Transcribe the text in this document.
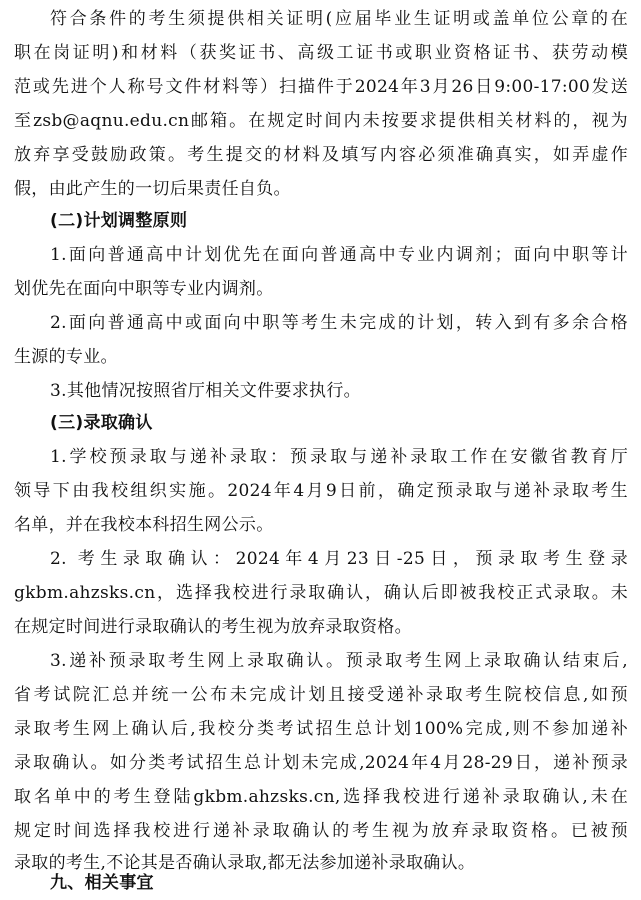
符合条件的考生须提供相关证明(应届毕业生证明或盖单位公章的在
职在岗证明)和材料（获奖证书、高级工证书或职业资格证书、获劳动模
范或先进个人称号文件材料等）扫描件于2024年3月26日9:00-17:00发送
至zsb@aqnu.edu.cn邮箱。在规定时间内未按要求提供相关材料的，视为
放弃享受鼓励政策。考生提交的材料及填写内容必须准确真实，如弄虚作
假，由此产生的一切后果责任自负。
(二)计划调整原则
1.面向普通高中计划优先在面向普通高中专业内调剂；面向中职等计
划优先在面向中职等专业内调剂。
2.面向普通高中或面向中职等考生未完成的计划，转入到有多余合格
生源的专业。
3.其他情况按照省厅相关文件要求执行。
(三)录取确认
1.学校预录取与递补录取：预录取与递补录取工作在安徽省教育厅
领导下由我校组织实施。2024年4月9日前，确定预录取与递补录取考生
名单，并在我校本科招生网公示。
2. 考生录取确认：2024年4月23日-25日，预录取考生登录
gkbm.ahzsks.cn，选择我校进行录取确认，确认后即被我校正式录取。未
在规定时间进行录取确认的考生视为放弃录取资格。
3.递补预录取考生网上录取确认。预录取考生网上录取确认结束后,
省考试院汇总并统一公布未完成计划且接受递补录取考生院校信息,如预
录取考生网上确认后,我校分类考试招生总计划100%完成,则不参加递补
录取确认。如分类考试招生总计划未完成,2024年4月28-29日，递补预录
取名单中的考生登陆gkbm.ahzsks.cn,选择我校进行递补录取确认,未在
规定时间选择我校进行递补录取确认的考生视为放弃录取资格。已被预
录取的考生,不论其是否确认录取,都无法参加递补录取确认。
九、相关事宜
